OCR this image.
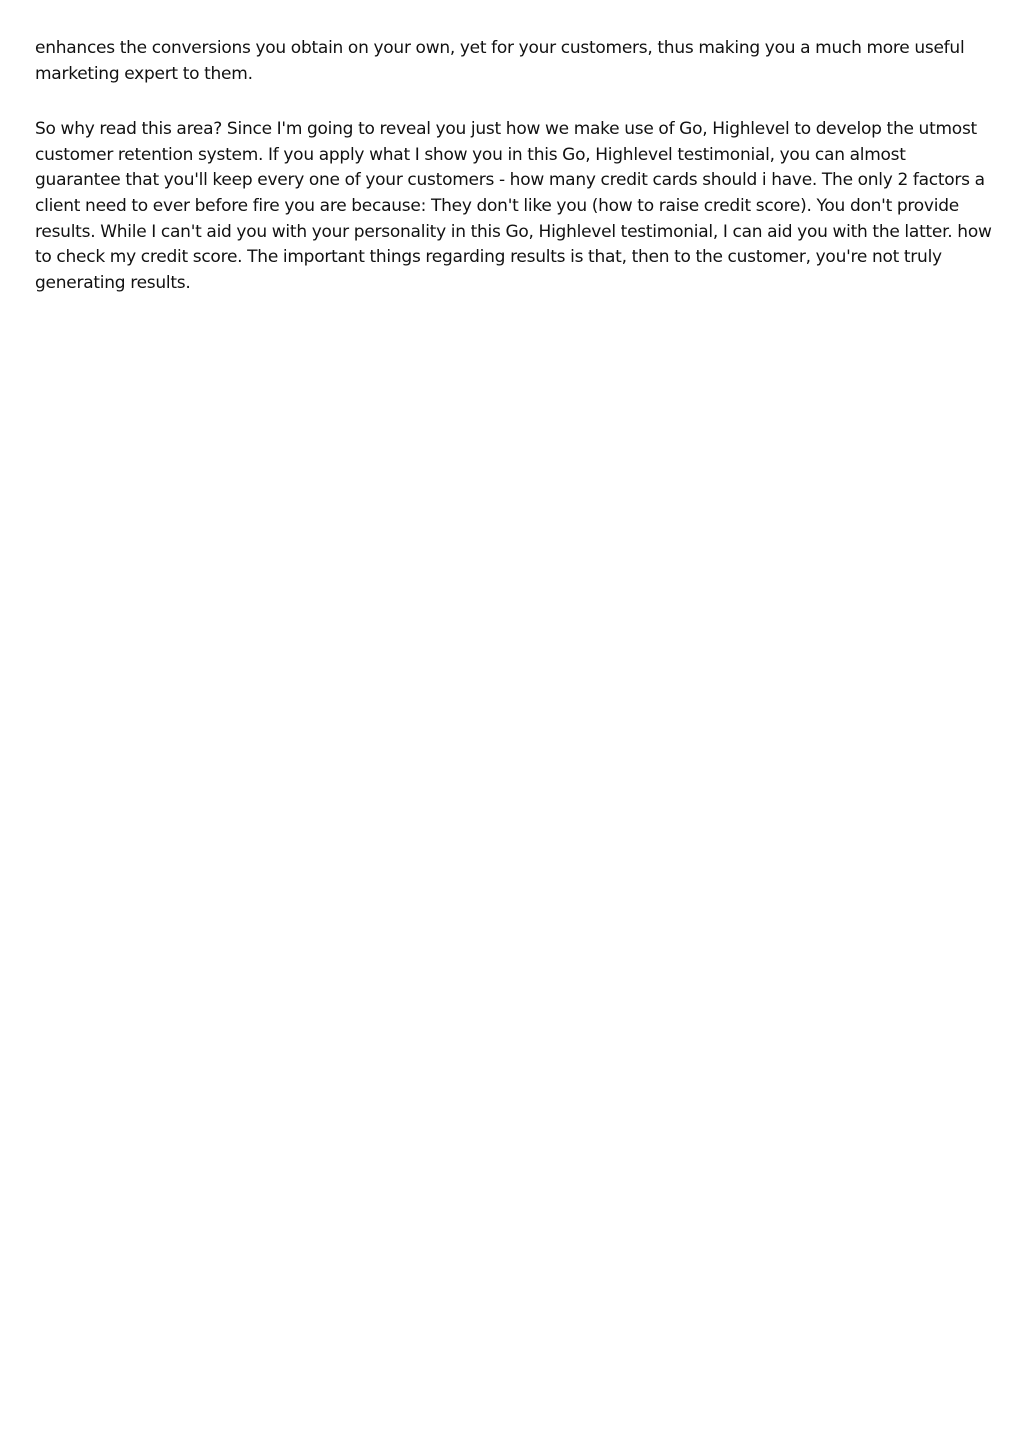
enhances the conversions you obtain on your own, yet for your customers, thus making you a much more useful marketing expert to them.

So why read this area? Since I'm going to reveal you just how we make use of Go, Highlevel to develop the utmost customer retention system. If you apply what I show you in this Go, Highlevel testimonial, you can almost guarantee that you'll keep every one of your customers - how many credit cards should i have. The only 2 factors a client need to ever before fire you are because: They don't like you (how to raise credit score). You don't provide results. While I can't aid you with your personality in this Go, Highlevel testimonial, I can aid you with the latter. how to check my credit score. The important things regarding results is that, then to the customer, you're not truly generating results.
